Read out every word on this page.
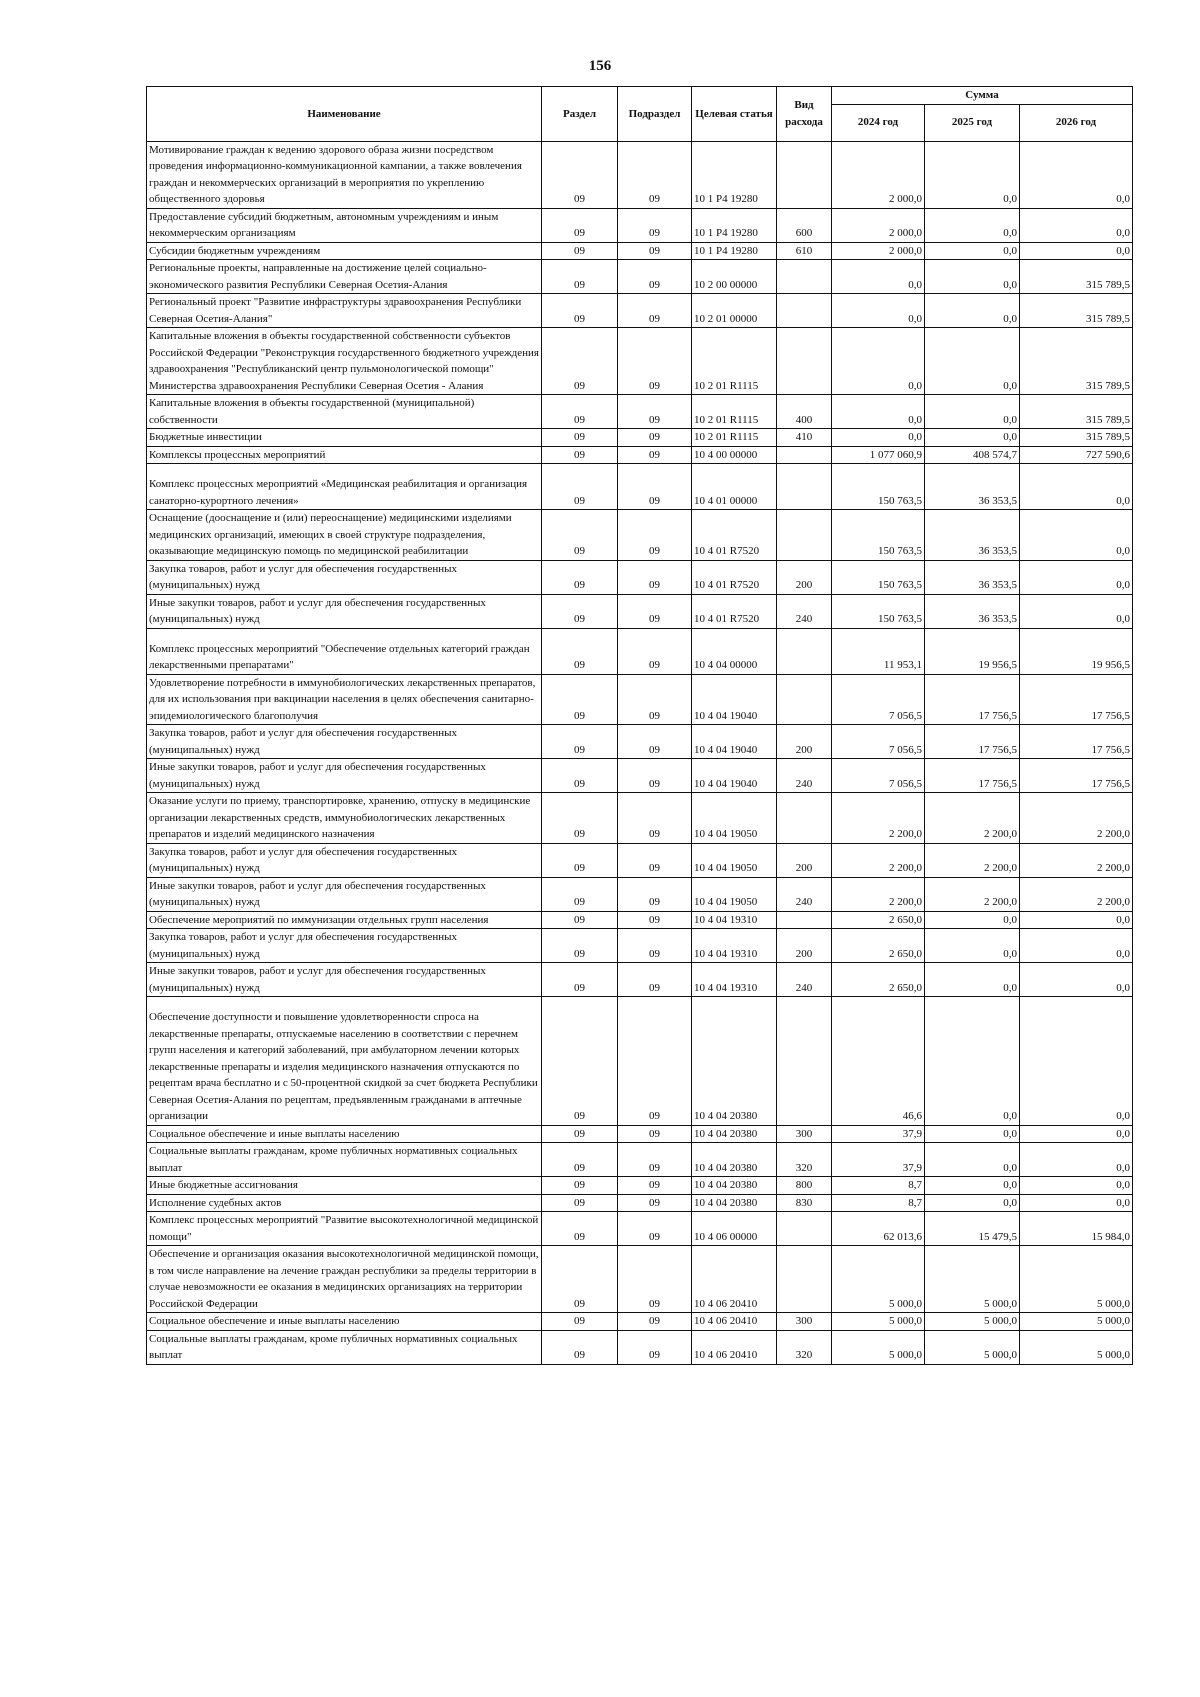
156
Наименование	Раздел	Подраздел	Целевая статья	Вид расхода	Сумма		
					2024 год	2025 год	2026 год
Мотивирование граждан к ведению здорового образа жизни посредством проведения информационно-коммуникационной кампании, а также вовлечения граждан и некоммерческих организаций в мероприятия по укреплению общественного здоровья	09	09	10 1 Р4 19280		2 000,0	0,0	0,0
Предоставление субсидий бюджетным, автономным учреждениям и иным некоммерческим организациям	09	09	10 1 Р4 19280	600	2 000,0	0,0	0,0
Субсидии бюджетным учреждениям	09	09	10 1 Р4 19280	610	2 000,0	0,0	0,0
Региональные проекты, направленные на достижение целей социально-экономического развития Республики Северная Осетия-Алания	09	09	10 2 00 00000		0,0	0,0	315 789,5
Региональный проект "Развитие инфраструктуры здравоохранения Республики Северная Осетия-Алания"	09	09	10 2 01 00000		0,0	0,0	315 789,5
Капитальные вложения в объекты государственной собственности субъектов Российской Федерации "Реконструкция государственного бюджетного учреждения здравоохранения "Республиканский центр пульмонологической помощи" Министерства здравоохранения Республики Северная Осетия - Алания	09	09	10 2 01 R1115		0,0	0,0	315 789,5
Капитальные вложения в объекты государственной (муниципальной) собственности	09	09	10 2 01 R1115	400	0,0	0,0	315 789,5
Бюджетные инвестиции	09	09	10 2 01 R1115	410	0,0	0,0	315 789,5
Комплексы процессных мероприятий	09	09	10 4 00 00000		1 077 060,9	408 574,7	727 590,6
Комплекс процессных мероприятий «Медицинская реабилитация и организация санаторно-курортного лечения»	09	09	10 4 01 00000		150 763,5	36 353,5	0,0
Оснащение (дооснащение и (или) переоснащение) медицинскими изделиями медицинских организаций, имеющих в своей структуре подразделения, оказывающие медицинскую помощь по медицинской реабилитации	09	09	10 4 01 R7520		150 763,5	36 353,5	0,0
Закупка товаров, работ и услуг для обеспечения государственных (муниципальных) нужд	09	09	10 4 01 R7520	200	150 763,5	36 353,5	0,0
Иные закупки товаров, работ и услуг для обеспечения государственных (муниципальных) нужд	09	09	10 4 01 R7520	240	150 763,5	36 353,5	0,0
Комплекс процессных мероприятий "Обеспечение отдельных категорий граждан лекарственными препаратами"	09	09	10 4 04 00000		11 953,1	19 956,5	19 956,5
Удовлетворение потребности в иммунобиологических лекарственных препаратов, для их использования при вакцинации населения в целях обеспечения санитарно-эпидемиологического благополучия	09	09	10 4 04 19040		7 056,5	17 756,5	17 756,5
Закупка товаров, работ и услуг для обеспечения государственных (муниципальных) нужд	09	09	10 4 04 19040	200	7 056,5	17 756,5	17 756,5
Иные закупки товаров, работ и услуг для обеспечения государственных (муниципальных) нужд	09	09	10 4 04 19040	240	7 056,5	17 756,5	17 756,5
Оказание услуги по приему, транспортировке, хранению, отпуску в медицинские организации лекарственных средств, иммунобиологических лекарственных препаратов и изделий медицинского назначения	09	09	10 4 04 19050		2 200,0	2 200,0	2 200,0
Закупка товаров, работ и услуг для обеспечения государственных (муниципальных) нужд	09	09	10 4 04 19050	200	2 200,0	2 200,0	2 200,0
Иные закупки товаров, работ и услуг для обеспечения государственных (муниципальных) нужд	09	09	10 4 04 19050	240	2 200,0	2 200,0	2 200,0
Обеспечение мероприятий по иммунизации отдельных групп населения	09	09	10 4 04 19310		2 650,0	0,0	0,0
Закупка товаров, работ и услуг для обеспечения государственных (муниципальных) нужд	09	09	10 4 04 19310	200	2 650,0	0,0	0,0
Иные закупки товаров, работ и услуг для обеспечения государственных (муниципальных) нужд	09	09	10 4 04 19310	240	2 650,0	0,0	0,0
Обеспечение доступности и повышение удовлетворенности спроса на лекарственные препараты, отпускаемые населению в соответствии с перечнем групп населения и категорий заболеваний, при амбулаторном лечении которых лекарственные препараты и изделия медицинского назначения отпускаются по рецептам врача бесплатно и с 50-процентной скидкой за счет бюджета Республики Северная Осетия-Алания по рецептам, предъявленным гражданами в аптечные организации	09	09	10 4 04 20380		46,6	0,0	0,0
Социальное обеспечение и иные выплаты населению	09	09	10 4 04 20380	300	37,9	0,0	0,0
Социальные выплаты гражданам, кроме публичных нормативных социальных выплат	09	09	10 4 04 20380	320	37,9	0,0	0,0
Иные бюджетные ассигнования	09	09	10 4 04 20380	800	8,7	0,0	0,0
Исполнение судебных актов	09	09	10 4 04 20380	830	8,7	0,0	0,0
Комплекс процессных мероприятий "Развитие высокотехнологичной медицинской помощи"	09	09	10 4 06 00000		62 013,6	15 479,5	15 984,0
Обеспечение и организация оказания высокотехнологичной медицинской помощи, в том числе направление на лечение граждан республики за пределы территории в случае невозможности ее оказания в медицинских организациях на территории Российской Федерации	09	09	10 4 06 20410		5 000,0	5 000,0	5 000,0
Социальное обеспечение и иные выплаты населению	09	09	10 4 06 20410	300	5 000,0	5 000,0	5 000,0
Социальные выплаты гражданам, кроме публичных нормативных социальных выплат	09	09	10 4 06 20410	320	5 000,0	5 000,0	5 000,0
